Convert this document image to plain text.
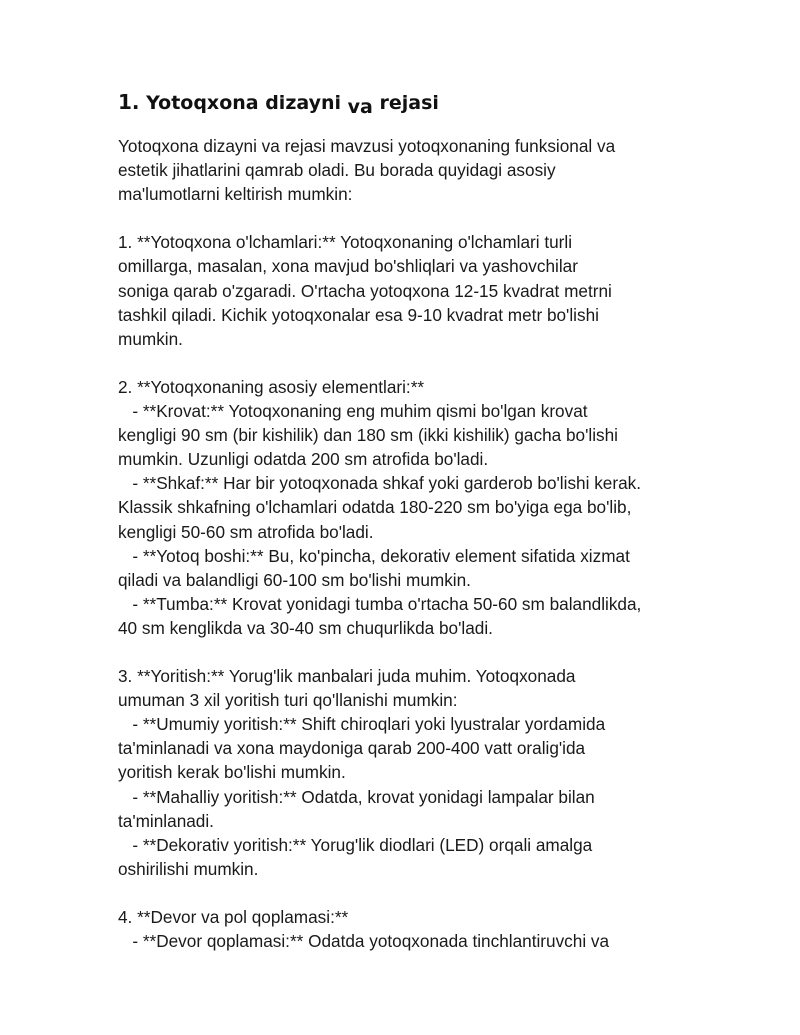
1. Yotoqxona dizayni va rejasi
Yotoqxona dizayni va rejasi mavzusi yotoqxonaning funksional va
estetik jihatlarini qamrab oladi. Bu borada quyidagi asosiy
ma'lumotlarni keltirish mumkin:
1. **Yotoqxona o'lchamlari:** Yotoqxonaning o'lchamlari turli
omillarga, masalan, xona mavjud bo'shliqlari va yashovchilar
soniga qarab o'zgaradi. O'rtacha yotoqxona 12-15 kvadrat metrni
tashkil qiladi. Kichik yotoqxonalar esa 9-10 kvadrat metr bo'lishi
mumkin.
2. **Yotoqxonaning asosiy elementlari:**
- **Krovat:** Yotoqxonaning eng muhim qismi bo'lgan krovat
kengligi 90 sm (bir kishilik) dan 180 sm (ikki kishilik) gacha bo'lishi
mumkin. Uzunligi odatda 200 sm atrofida bo'ladi.
- **Shkaf:** Har bir yotoqxonada shkaf yoki garderob bo'lishi kerak.
Klassik shkafning o'lchamlari odatda 180-220 sm bo'yiga ega bo'lib,
kengligi 50-60 sm atrofida bo'ladi.
- **Yotoq boshi:** Bu, ko'pincha, dekorativ element sifatida xizmat
qiladi va balandligi 60-100 sm bo'lishi mumkin.
- **Tumba:** Krovat yonidagi tumba o'rtacha 50-60 sm balandlikda,
40 sm kenglikda va 30-40 sm chuqurlikda bo'ladi.
3. **Yoritish:** Yorug'lik manbalari juda muhim. Yotoqxonada
umuman 3 xil yoritish turi qo'llanishi mumkin:
- **Umumiy yoritish:** Shift chiroqlari yoki lyustralar yordamida
ta'minlanadi va xona maydoniga qarab 200-400 vatt oralig'ida
yoritish kerak bo'lishi mumkin.
- **Mahalliy yoritish:** Odatda, krovat yonidagi lampalar bilan
ta'minlanadi.
- **Dekorativ yoritish:** Yorug'lik diodlari (LED) orqali amalga
oshirilishi mumkin.
4. **Devor va pol qoplamasi:**
- **Devor qoplamasi:** Odatda yotoqxonada tinchlantiruvchi va
